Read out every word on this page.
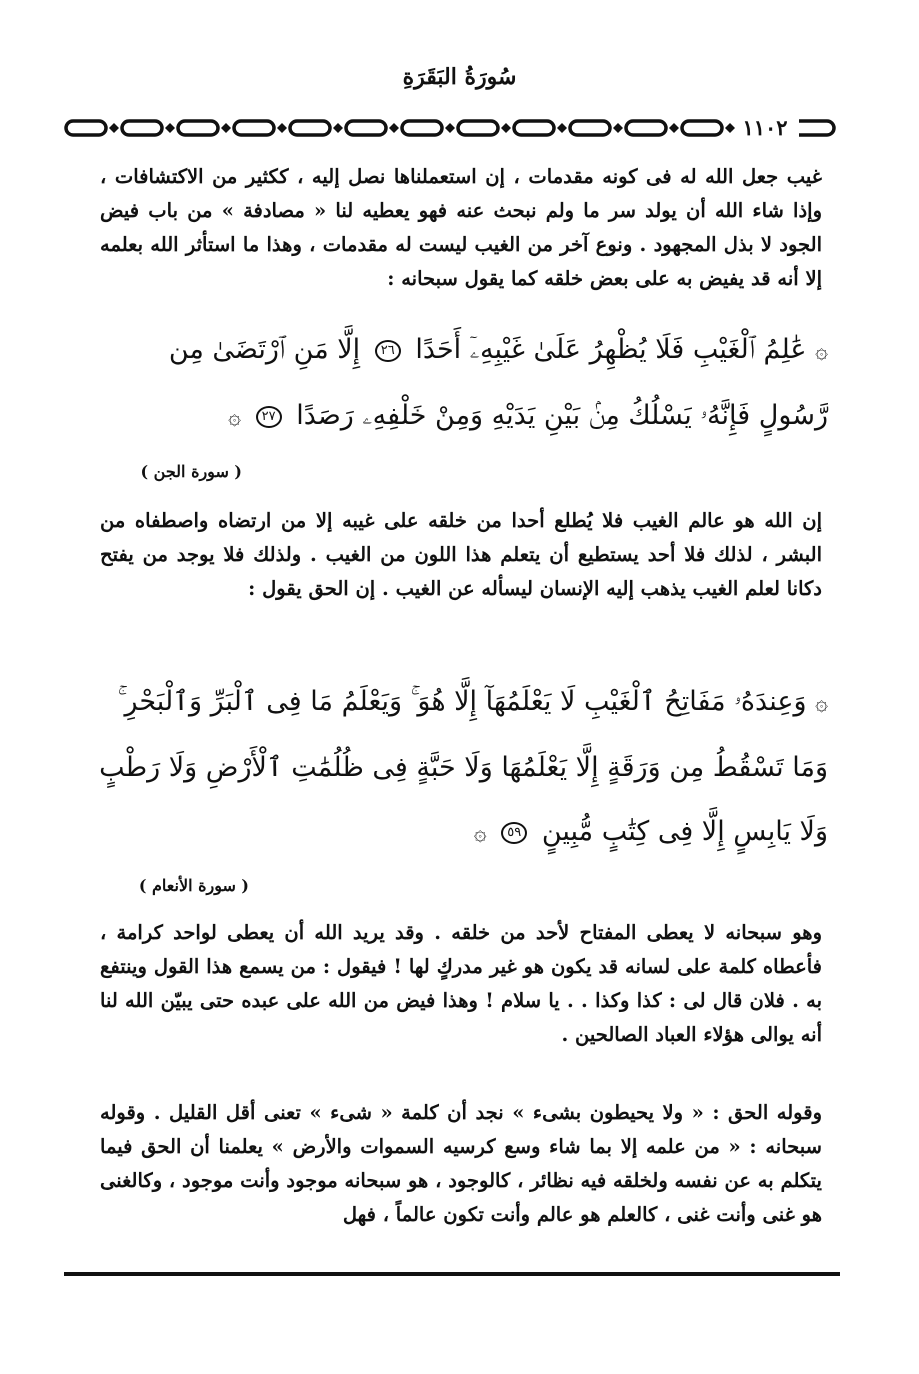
سُورَةُ البَقَرَةِ
١١٠٢

غيب جعل الله له فى كونه مقدمات ، إن استعملناها نصل إليه ، ككثير من الاكتشافات ، وإذا شاء الله أن يولد سر ما ولم نبحث عنه فهو يعطيه لنا « مصادفة » من باب فيض الجود لا بذل المجهود . ونوع آخر من الغيب ليست له مقدمات ، وهذا ما استأثر الله بعلمه إلا أنه قد يفيض به على بعض خلقه كما يقول سبحانه :

۞ عَٰلِمُ ٱلْغَيْبِ فَلَا يُظْهِرُ عَلَىٰ غَيْبِهِۦٓ أَحَدًا ٢٦ إِلَّا مَنِ ٱرْتَضَىٰ مِن رَّسُولٍ فَإِنَّهُۥ يَسْلُكُ مِنۢ بَيْنِ يَدَيْهِ وَمِنْ خَلْفِهِۦ رَصَدًا ٢٧ ۞
( سورة الجن )

إن الله هو عالم الغيب فلا يُطلع أحدا من خلقه على غيبه إلا من ارتضاه واصطفاه من البشر ، لذلك فلا أحد يستطيع أن يتعلم هذا اللون من الغيب . ولذلك فلا يوجد من يفتح دكانا لعلم الغيب يذهب إليه الإنسان ليسأله عن الغيب . إن الحق يقول :

۞ وَعِندَهُۥ مَفَاتِحُ ٱلْغَيْبِ لَا يَعْلَمُهَآ إِلَّا هُوَ ۚ وَيَعْلَمُ مَا فِى ٱلْبَرِّ وَٱلْبَحْرِ ۚ وَمَا تَسْقُطُ مِن وَرَقَةٍ إِلَّا يَعْلَمُهَا وَلَا حَبَّةٍ فِى ظُلُمَٰتِ ٱلْأَرْضِ وَلَا رَطْبٍ وَلَا يَابِسٍ إِلَّا فِى كِتَٰبٍ مُّبِينٍ ٥٩ ۞
( سورة الأنعام )

وهو سبحانه لا يعطى المفتاح لأحد من خلقه . وقد يريد الله أن يعطى لواحد كرامة ، فأعطاه كلمة على لسانه قد يكون هو غير مدركٍ لها ! فيقول : من يسمع هذا القول وينتفع به . فلان قال لى : كذا وكذا . . يا سلام ! وهذا فيض من الله على عبده حتى يبيّن الله لنا أنه يوالى هؤلاء العباد الصالحين .

وقوله الحق : « ولا يحيطون بشىء » نجد أن كلمة « شىء » تعنى أقل القليل . وقوله سبحانه : « من علمه إلا بما شاء وسع كرسيه السموات والأرض » يعلمنا أن الحق فيما يتكلم به عن نفسه ولخلقه فيه نظائر ، كالوجود ، هو سبحانه موجود وأنت موجود ، وكالغنى هو غنى وأنت غنى ، كالعلم هو عالم وأنت تكون عالماً ، فهل
